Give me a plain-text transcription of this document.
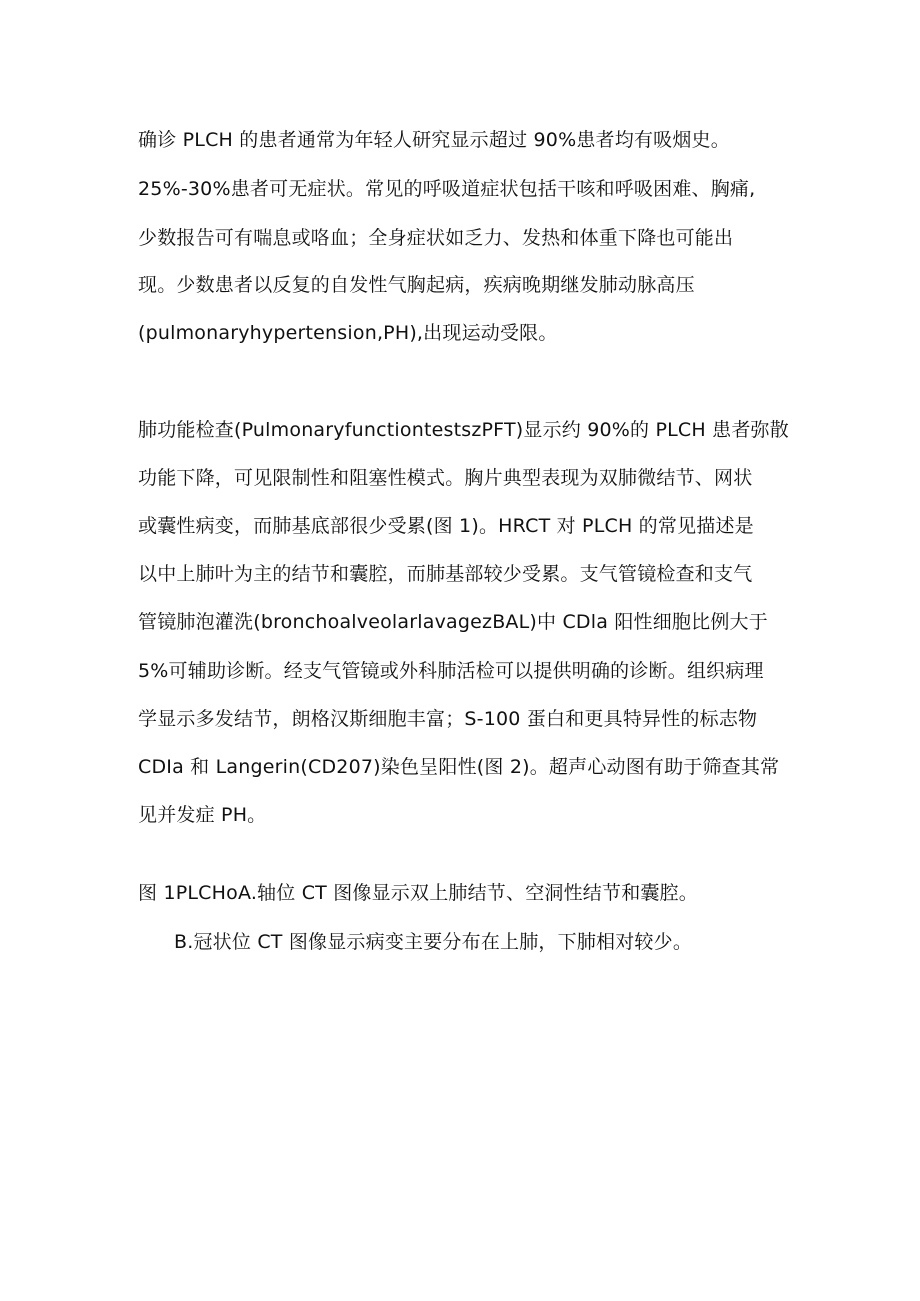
确诊 PLCH 的患者通常为年轻人研究显示超过 90%患者均有吸烟史。
25%-30%患者可无症状。常见的呼吸道症状包括干咳和呼吸困难、胸痛,
少数报告可有喘息或咯血；全身症状如乏力、发热和体重下降也可能出
现。少数患者以反复的自发性气胸起病，疾病晚期继发肺动脉高压
(pulmonaryhypertension,PH),出现运动受限。
肺功能检查(PulmonaryfunctiontestszPFT)显示约 90%的 PLCH 患者弥散
功能下降，可见限制性和阻塞性模式。胸片典型表现为双肺微结节、网状
或囊性病变，而肺基底部很少受累(图 1)。HRCT 对 PLCH 的常见描述是
以中上肺叶为主的结节和囊腔，而肺基部较少受累。支气管镜检查和支气
管镜肺泡灌洗(bronchoalveolarlavagezBAL)中 CDla 阳性细胞比例大于
5%可辅助诊断。经支气管镜或外科肺活检可以提供明确的诊断。组织病理
学显示多发结节，朗格汉斯细胞丰富；S-100 蛋白和更具特异性的标志物
CDIa 和 Langerin(CD207)染色呈阳性(图 2)。超声心动图有助于筛查其常
见并发症 PH。
图 1PLCHoA.轴位 CT 图像显示双上肺结节、空洞性结节和囊腔。
B.冠状位 CT 图像显示病变主要分布在上肺，下肺相对较少。
